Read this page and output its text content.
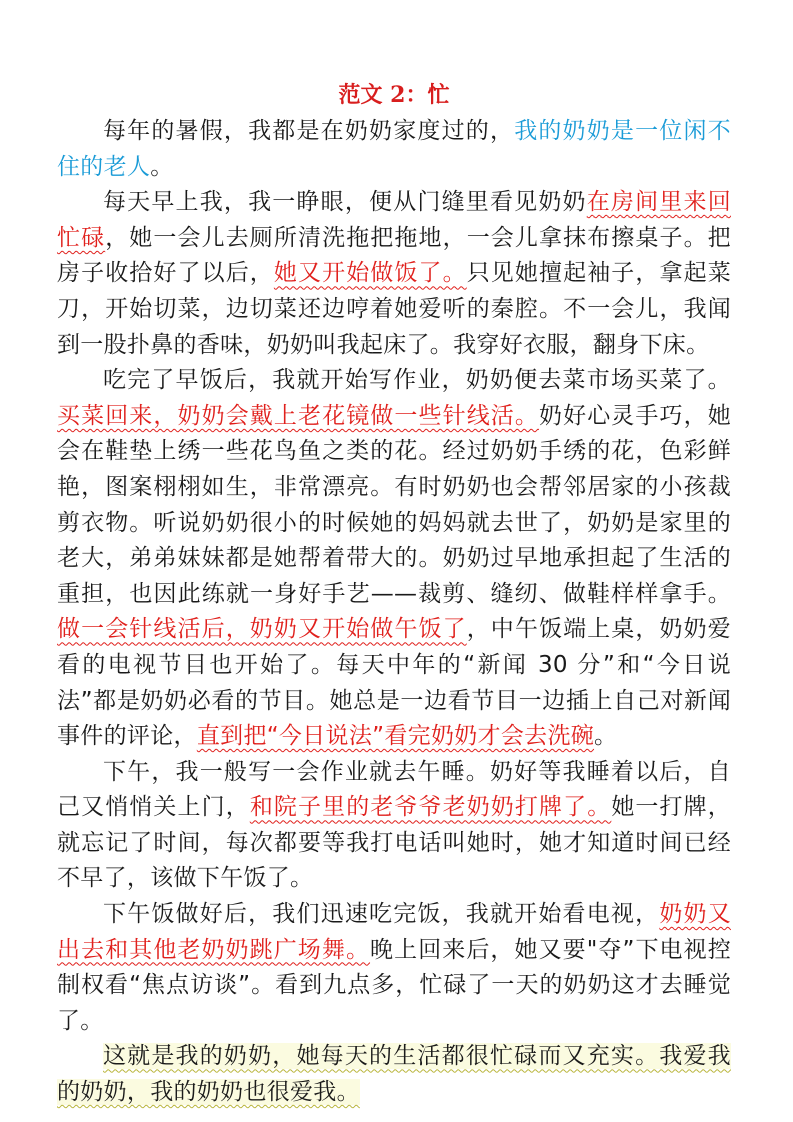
范文 2：忙

每年的暑假，我都是在奶奶家度过的，我的奶奶是一位闲不住的老人。

每天早上我，我一睁眼，便从门缝里看见奶奶在房间里来回忙碌，她一会儿去厕所清洗拖把拖地，一会儿拿抹布擦桌子。把房子收拾好了以后，她又开始做饭了。只见她擅起袖子，拿起菜刀，开始切菜，边切菜还边哼着她爱听的秦腔。不一会儿，我闻到一股扑鼻的香味，奶奶叫我起床了。我穿好衣服，翻身下床。

吃完了早饭后，我就开始写作业，奶奶便去菜市场买菜了。买菜回来，奶奶会戴上老花镜做一些针线活。奶好心灵手巧，她会在鞋垫上绣一些花鸟鱼之类的花。经过奶奶手绣的花，色彩鲜艳，图案栩栩如生，非常漂亮。有时奶奶也会帮邻居家的小孩裁剪衣物。听说奶奶很小的时候她的妈妈就去世了，奶奶是家里的老大，弟弟妹妹都是她帮着带大的。奶奶过早地承担起了生活的重担，也因此练就一身好手艺——裁剪、缝纫、做鞋样样拿手。做一会针线活后，奶奶又开始做午饭了，中午饭端上桌，奶奶爱看的电视节目也开始了。每天中年的“新闻 30 分”和“今日说法”都是奶奶必看的节目。她总是一边看节目一边插上自己对新闻事件的评论，直到把“今日说法”看完奶奶才会去洗碗。

下午，我一般写一会作业就去午睡。奶好等我睡着以后，自己又悄悄关上门，和院子里的老爷爷老奶奶打牌了。她一打牌，就忘记了时间，每次都要等我打电话叫她时，她才知道时间已经不早了，该做下午饭了。

下午饭做好后，我们迅速吃完饭，我就开始看电视，奶奶又出去和其他老奶奶跳广场舞。晚上回来后，她又要"夺”下电视控制权看“焦点访谈”。看到九点多，忙碌了一天的奶奶这才去睡觉了。

这就是我的奶奶，她每天的生活都很忙碌而又充实。我爱我的奶奶，我的奶奶也很爱我。
